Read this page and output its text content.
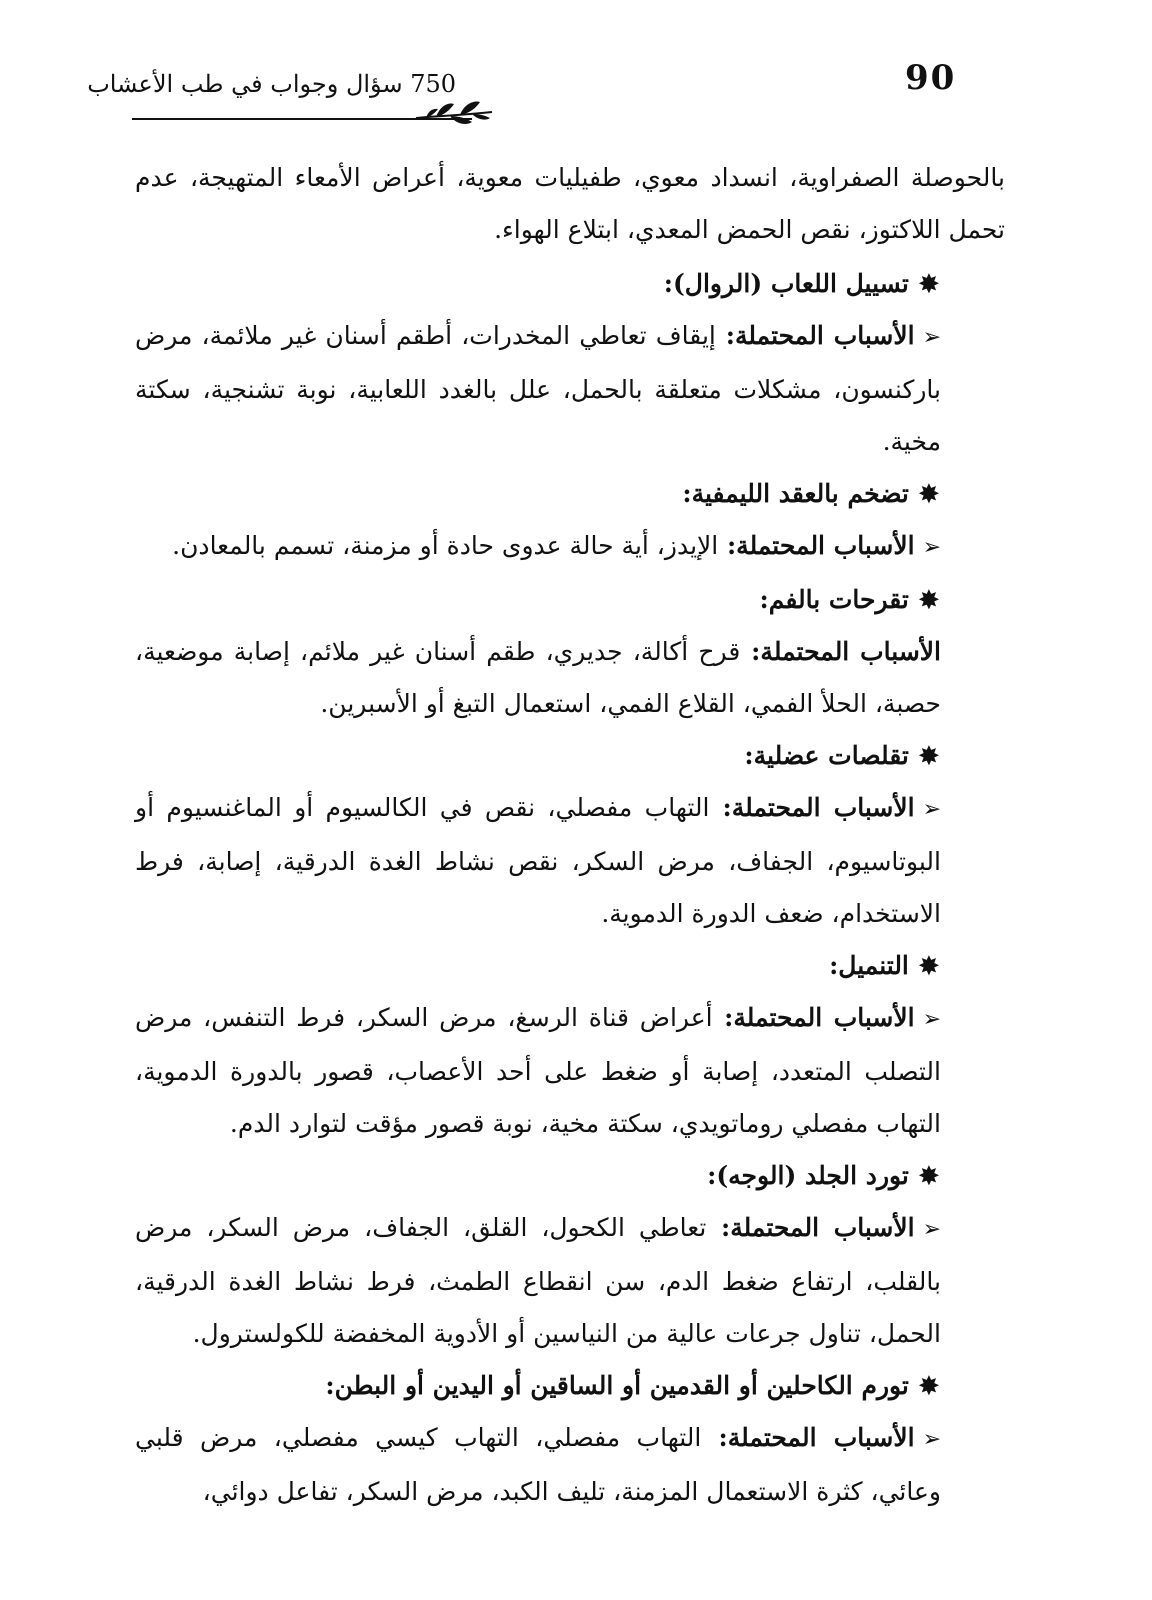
90
750 سؤال وجواب في طب الأعشاب

بالحوصلة الصفراوية، انسداد معوي، طفيليات معوية، أعراض الأمعاء المتهيجة، عدم تحمل اللاكتوز، نقص الحمض المعدي، ابتلاع الهواء.

✸تسييل اللعاب (الروال):

➢الأسباب المحتملة: إيقاف تعاطي المخدرات، أطقم أسنان غير ملائمة، مرض باركنسون، مشكلات متعلقة بالحمل، علل بالغدد اللعابية، نوبة تشنجية، سكتة مخية.

✸تضخم بالعقد الليمفية:

➢الأسباب المحتملة: الإيدز، أية حالة عدوى حادة أو مزمنة، تسمم بالمعادن.

✸تقرحات بالفم:

الأسباب المحتملة: قرح أكالة، جديري، طقم أسنان غير ملائم، إصابة موضعية، حصبة، الحلأ الفمي، القلاع الفمي، استعمال التبغ أو الأسبرين.

✸تقلصات عضلية:

➢الأسباب المحتملة: التهاب مفصلي، نقص في الكالسيوم أو الماغنسيوم أو البوتاسيوم، الجفاف، مرض السكر، نقص نشاط الغدة الدرقية، إصابة، فرط الاستخدام، ضعف الدورة الدموية.

✸التنميل:

➢الأسباب المحتملة: أعراض قناة الرسغ، مرض السكر، فرط التنفس، مرض التصلب المتعدد، إصابة أو ضغط على أحد الأعصاب، قصور بالدورة الدموية، التهاب مفصلي روماتويدي، سكتة مخية، نوبة قصور مؤقت لتوارد الدم.

✸تورد الجلد (الوجه):

➢الأسباب المحتملة: تعاطي الكحول، القلق، الجفاف، مرض السكر، مرض بالقلب، ارتفاع ضغط الدم، سن انقطاع الطمث، فرط نشاط الغدة الدرقية، الحمل، تناول جرعات عالية من النياسين أو الأدوية المخفضة للكولسترول.

✸تورم الكاحلين أو القدمين أو الساقين أو اليدين أو البطن:

➢الأسباب المحتملة: التهاب مفصلي، التهاب كيسي مفصلي، مرض قلبي وعائي، كثرة الاستعمال المزمنة، تليف الكبد، مرض السكر، تفاعل دوائي،
